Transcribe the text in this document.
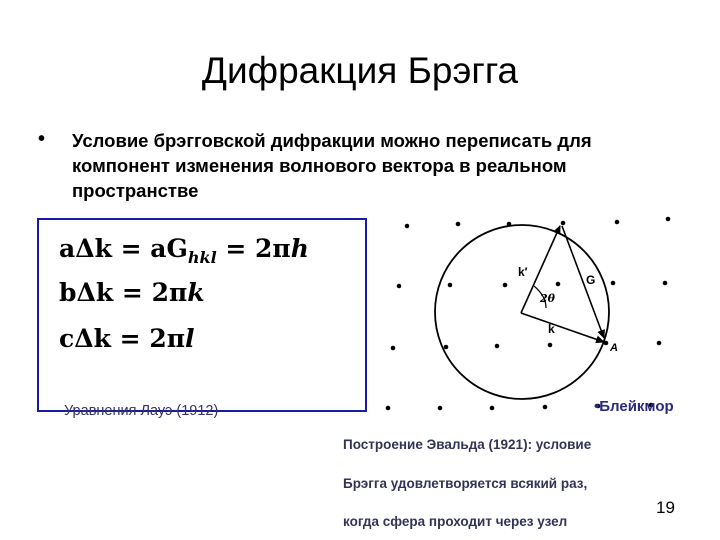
Дифракция Брэгга
• Условие брэгговской дифракции можно переписать для компонент изменения волнового вектора в реальном пространстве
$a\Delta k = aG_{hkl} = 2\pi h$
bΔk = 2πk
cΔk = 2πl
Уравнения Лауэ (1912)
k′
G
2θ
k
A
•Блейкмор
Построение Эвальда (1921): условие
Брэгга удовлетворяется всякий раз,
когда сфера проходит через узел
19
